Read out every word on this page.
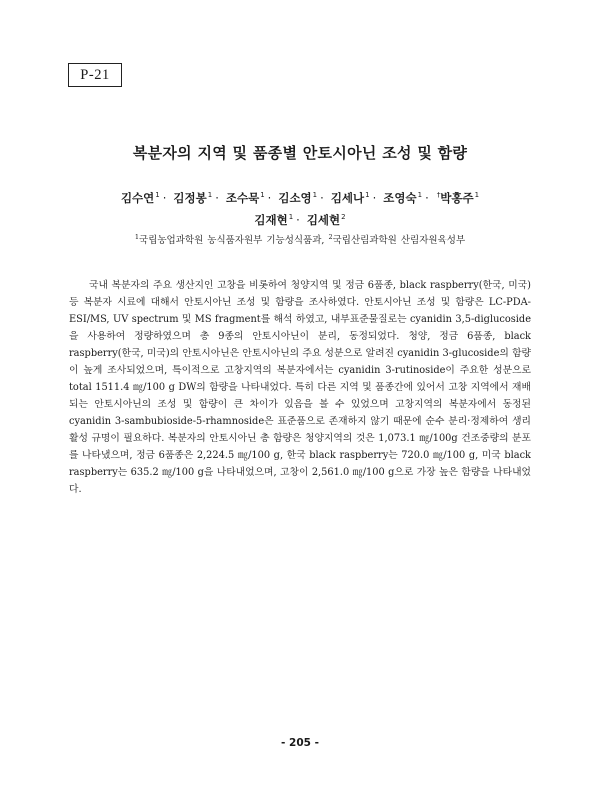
P-21
복분자의 지역 및 품종별 안토시아닌 조성 및 함량
김수연$^1$ · 김정봉$^1$ · 조수묵$^1$ · 김소영$^1$ · 김세나$^1$ · 조영숙$^1$ · †박홍주$^1$
김재현$^1$ · 김세현$^2$
$^1$국립농업과학원 농식품자원부 기능성식품과, $^2$국립산림과학원 산림자원육성부

국내 복분자의 주요 생산지인 고창을 비롯하여 청양지역 및 정금 6품종, black raspberry(한국, 미국)등 복분자 시료에 대해서 안토시아닌 조성 및 함량을 조사하였다. 안토시아닌 조성 및 함량은 LC-PDA-ESI/MS, UV spectrum 및 MS fragment를 해석 하였고, 내부표준물질로는 cyanidin 3,5-diglucoside을 사용하여 정량하였으며 총 9종의 안토시아닌이 분리, 동정되었다. 청양, 정금 6품종, black raspberry(한국, 미국)의 안토시아닌은 안토시아닌의 주요 성분으로 알려진 cyanidin 3-glucoside의 함량이 높게 조사되었으며, 특이적으로 고창지역의 복분자에서는 cyanidin 3-rutinoside이 주요한 성분으로 total 1511.4 ㎎/100 g DW의 함량을 나타내었다. 특히 다른 지역 및 품종간에 있어서 고창 지역에서 재배되는 안토시아닌의 조성 및 함량이 큰 차이가 있음을 볼 수 있었으며 고창지역의 복분자에서 동정된 cyanidin 3-sambubioside-5-rhamnoside은 표준품으로 존재하지 않기 때문에 순수 분리·정제하여 생리활성 규명이 필요하다. 복분자의 안토시아닌 총 함량은 청양지역의 것은 1,073.1 ㎎/100g 건조중량의 분포를 나타냈으며, 정금 6품종은 2,224.5 ㎎/100 g, 한국 black raspberry는 720.0 ㎎/100 g, 미국 black raspberry는 635.2 ㎎/100 g을 나타내었으며, 고창이 2,561.0 ㎎/100 g으로 가장 높은 함량을 나타내었다.

- 205 -
